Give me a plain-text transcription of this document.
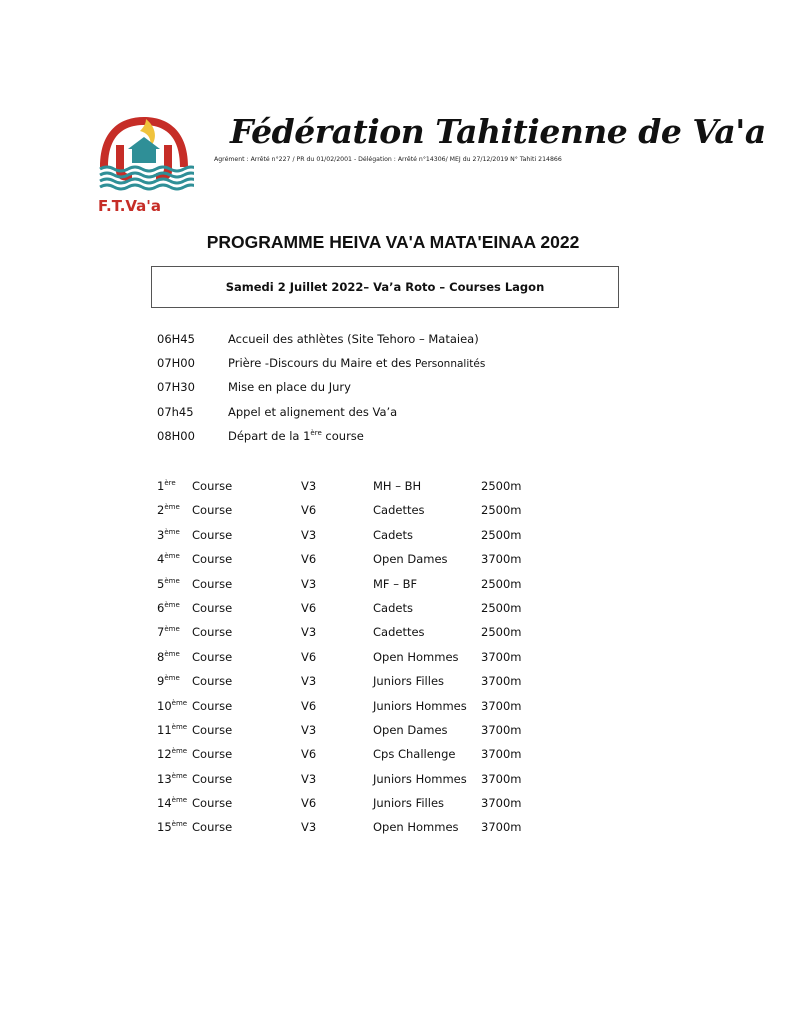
F.T.Va'a
Fédération Tahitienne de Va'a
Agrément : Arrêté n°227 / PR du 01/02/2001 - Délégation : Arrêté n°14306/ MEJ du 27/12/2019 N° Tahiti 214866
PROGRAMME HEIVA VA'A MATA'EINAA 2022
Samedi 2 Juillet 2022– Va’a Roto – Courses Lagon
06H45	Accueil des athlètes (Site Tehoro – Mataiea)
07H00	Prière -Discours du Maire et des Personnalités
07H30	Mise en place du Jury
07h45	Appel et alignement des Va’a
08H00	Départ de la 1ère course
1ère Course	V3	MH – BH	2500m
2ème Course	V6	Cadettes	2500m
3ème Course	V3	Cadets	2500m
4ème Course	V6	Open Dames	3700m
5ème Course	V3	MF – BF	2500m
6ème Course	V6	Cadets	2500m
7ème Course	V3	Cadettes	2500m
8ème Course	V6	Open Hommes 3700m
9ème Course	V3	Juniors Filles	3700m
10ème Course	V6	Juniors Hommes 3700m
11ème Course	V3	Open Dames	3700m
12ème Course	V6	Cps Challenge 3700m
13ème Course	V3	Juniors Hommes 3700m
14ème Course	V6	Juniors Filles	3700m
15ème Course	V3	Open Hommes 3700m
